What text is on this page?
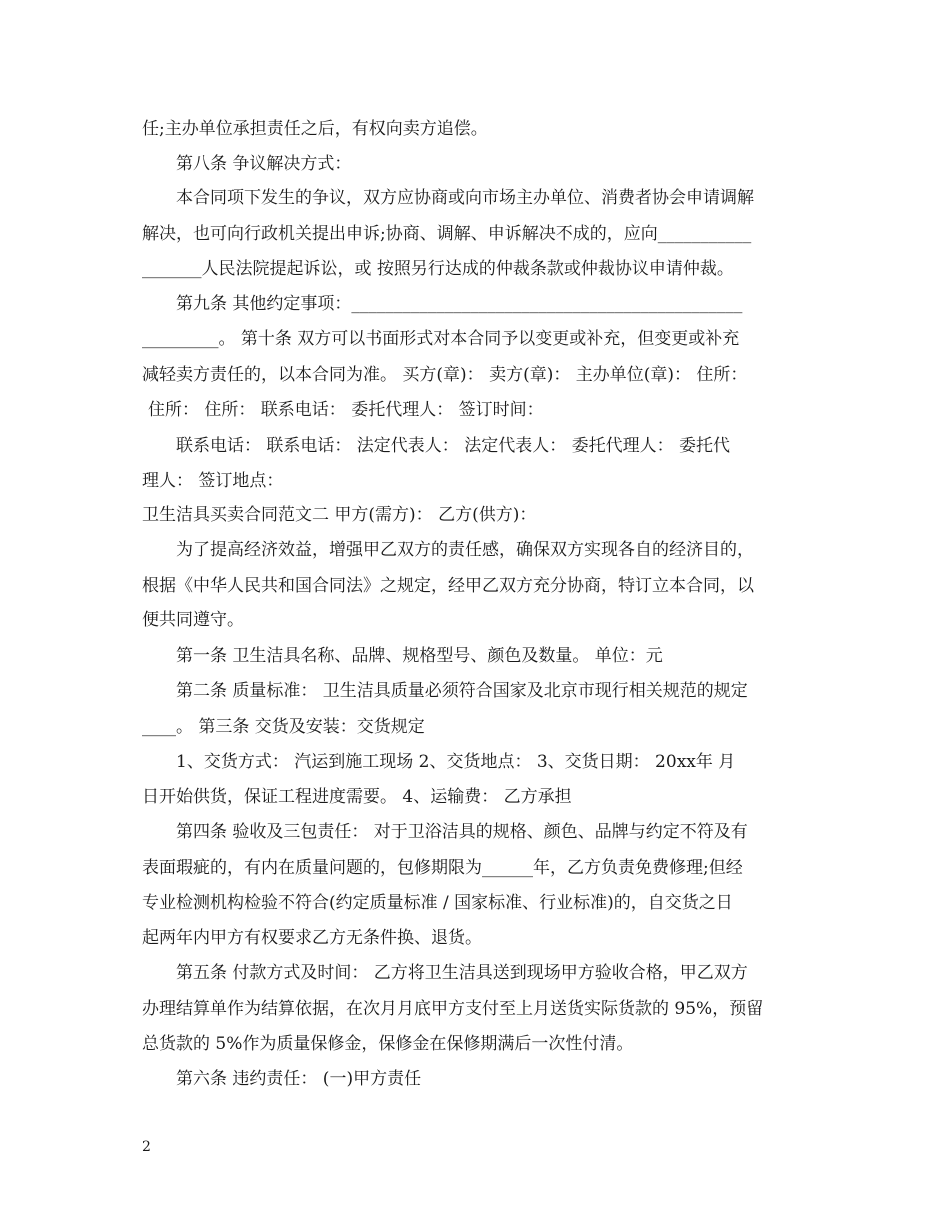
任;主办单位承担责任之后，有权向卖方追偿。
第八条 争议解决方式：
本合同项下发生的争议，双方应协商或向市场主办单位、消费者协会申请调解
解决，也可向行政机关提出申诉;协商、调解、申诉解决不成的，应向___________
_______人民法院提起诉讼，或 按照另行达成的仲裁条款或仲裁协议申请仲裁。
第九条 其他约定事项：______________________________________________
_________。 第十条 双方可以书面形式对本合同予以变更或补充，但变更或补充
减轻卖方责任的，以本合同为准。 买方(章)： 卖方(章)： 主办单位(章)： 住所：
住所： 住所： 联系电话： 委托代理人： 签订时间：
联系电话： 联系电话： 法定代表人： 法定代表人： 委托代理人： 委托代
理人： 签订地点：
卫生洁具买卖合同范文二 甲方(需方)： 乙方(供方)：
为了提高经济效益，增强甲乙双方的责任感，确保双方实现各自的经济目的，
根据《中华人民共和国合同法》之规定，经甲乙双方充分协商，特订立本合同，以
便共同遵守。
第一条 卫生洁具名称、品牌、规格型号、颜色及数量。 单位：元
第二条 质量标准： 卫生洁具质量必须符合国家及北京市现行相关规范的规定
____。 第三条 交货及安装：交货规定
1、交货方式： 汽运到施工现场 2、交货地点： 3、交货日期： 20xx年 月
日开始供货，保证工程进度需要。 4、运输费： 乙方承担
第四条 验收及三包责任： 对于卫浴洁具的规格、颜色、品牌与约定不符及有
表面瑕疵的，有内在质量问题的，包修期限为______年，乙方负责免费修理;但经
专业检测机构检验不符合(约定质量标准 / 国家标准、行业标准)的，自交货之日
起两年内甲方有权要求乙方无条件换、退货。
第五条 付款方式及时间： 乙方将卫生洁具送到现场甲方验收合格，甲乙双方
办理结算单作为结算依据，在次月月底甲方支付至上月送货实际货款的 95%，预留
总货款的 5%作为质量保修金，保修金在保修期满后一次性付清。
第六条 违约责任： (一)甲方责任
2
